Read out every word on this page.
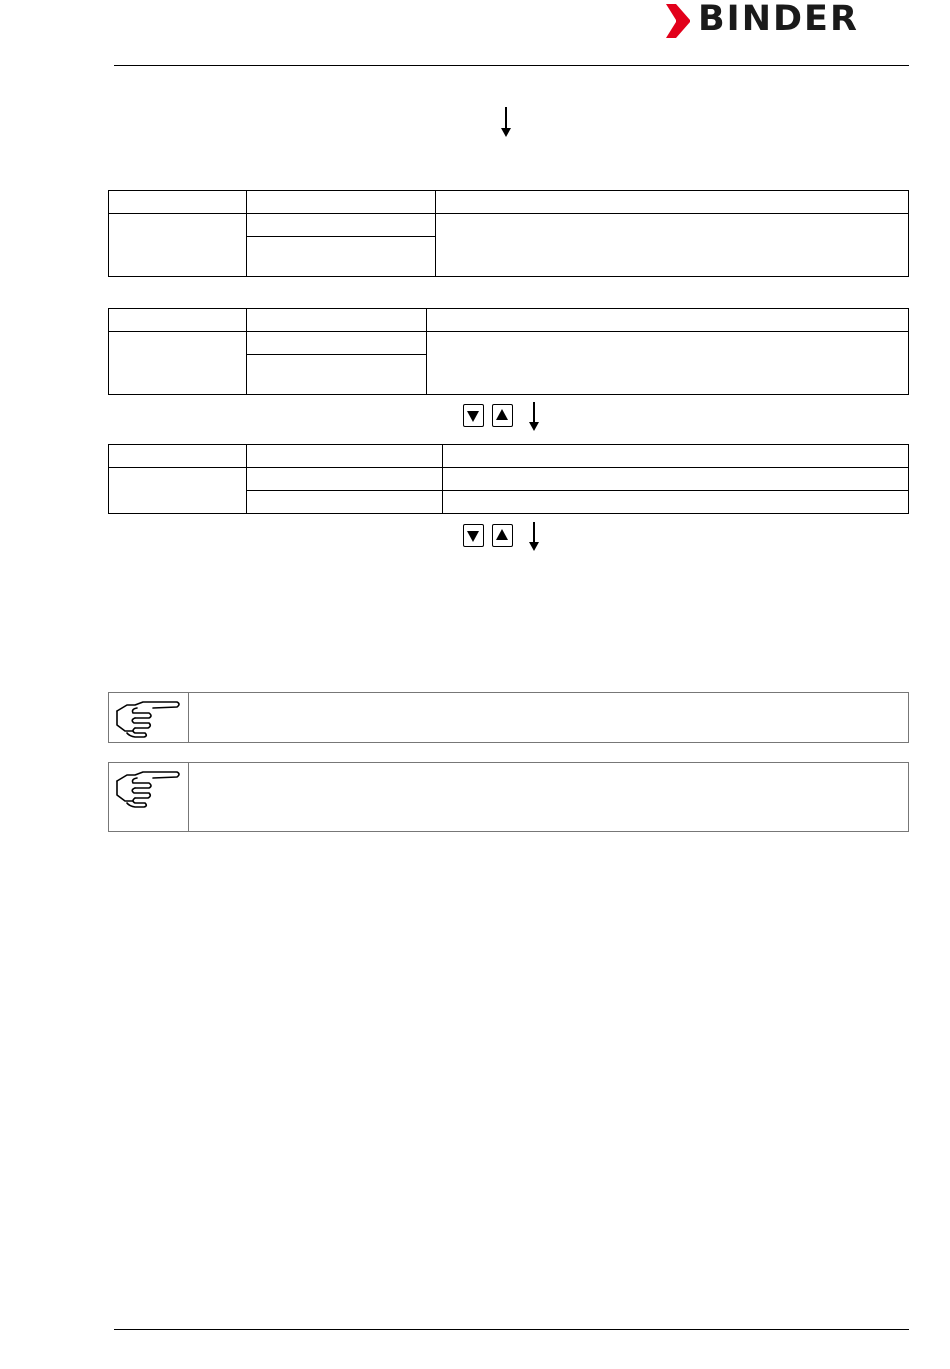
BINDER
